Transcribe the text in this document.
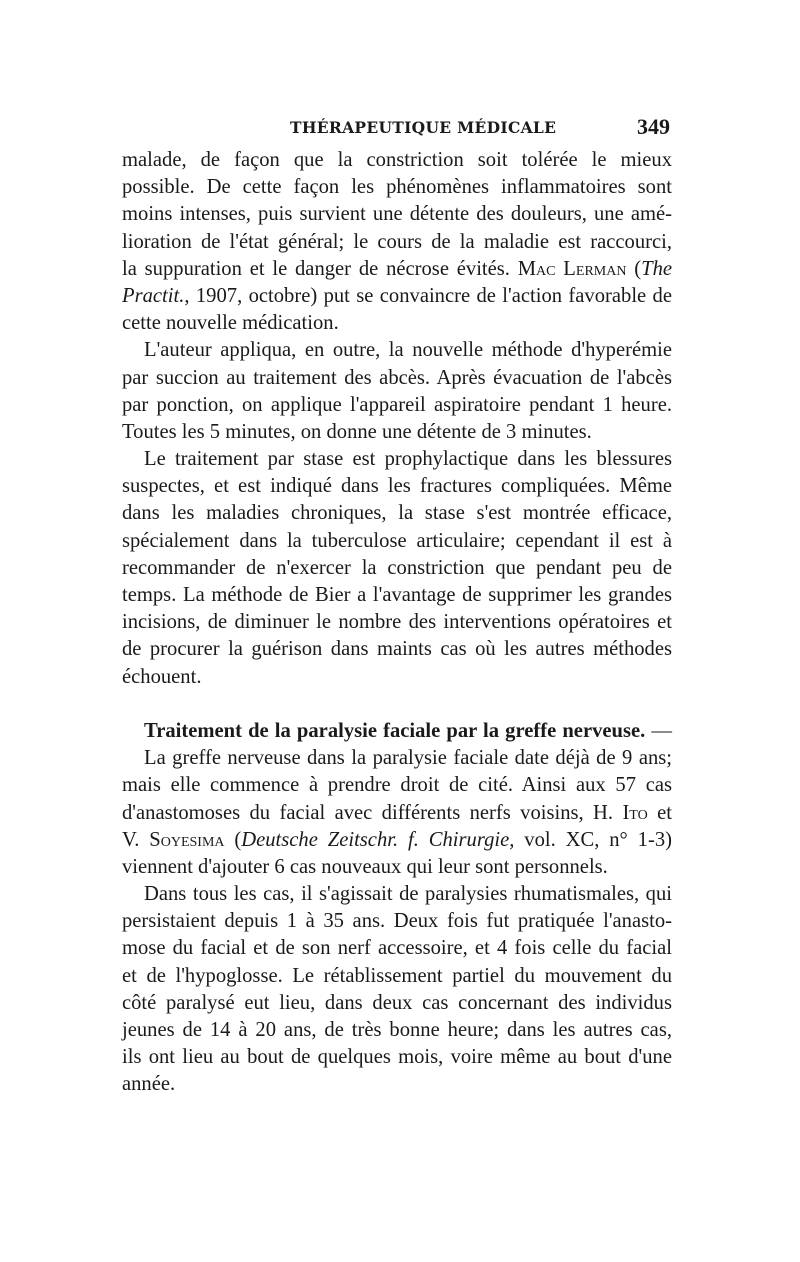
THÉRAPEUTIQUE MÉDICALE	349
malade, de façon que la constriction soit tolérée le mieux
possible. De cette façon les phénomènes inflammatoires sont
moins intenses, puis survient une détente des douleurs, une amé-
lioration de l'état général; le cours de la maladie est raccourci,
la suppuration et le danger de nécrose évités. Mac Lerman (The
Practit., 1907, octobre) put se convaincre de l'action favorable de
cette nouvelle médication.
L'auteur appliqua, en outre, la nouvelle méthode d'hyperémie
par succion au traitement des abcès. Après évacuation de l'abcès
par ponction, on applique l'appareil aspiratoire pendant 1 heure.
Toutes les 5 minutes, on donne une détente de 3 minutes.
Le traitement par stase est prophylactique dans les blessures
suspectes, et est indiqué dans les fractures compliquées. Même
dans les maladies chroniques, la stase s'est montrée efficace,
spécialement dans la tuberculose articulaire; cependant il est à
recommander de n'exercer la constriction que pendant peu de
temps. La méthode de Bier a l'avantage de supprimer les grandes
incisions, de diminuer le nombre des interventions opératoires et
de procurer la guérison dans maints cas où les autres méthodes
échouent.
Traitement de la paralysie faciale par la greffe nerveuse. —
La greffe nerveuse dans la paralysie faciale date déjà de 9 ans;
mais elle commence à prendre droit de cité. Ainsi aux 57 cas
d'anastomoses du facial avec différents nerfs voisins, H. Ito et
V. Soyesima (Deutsche Zeitschr. f. Chirurgie, vol. XC, n° 1-3)
viennent d'ajouter 6 cas nouveaux qui leur sont personnels.
Dans tous les cas, il s'agissait de paralysies rhumatismales, qui
persistaient depuis 1 à 35 ans. Deux fois fut pratiquée l'anasto-
mose du facial et de son nerf accessoire, et 4 fois celle du facial
et de l'hypoglosse. Le rétablissement partiel du mouvement du
côté paralysé eut lieu, dans deux cas concernant des individus
jeunes de 14 à 20 ans, de très bonne heure; dans les autres cas,
ils ont lieu au bout de quelques mois, voire même au bout d'une
année.
